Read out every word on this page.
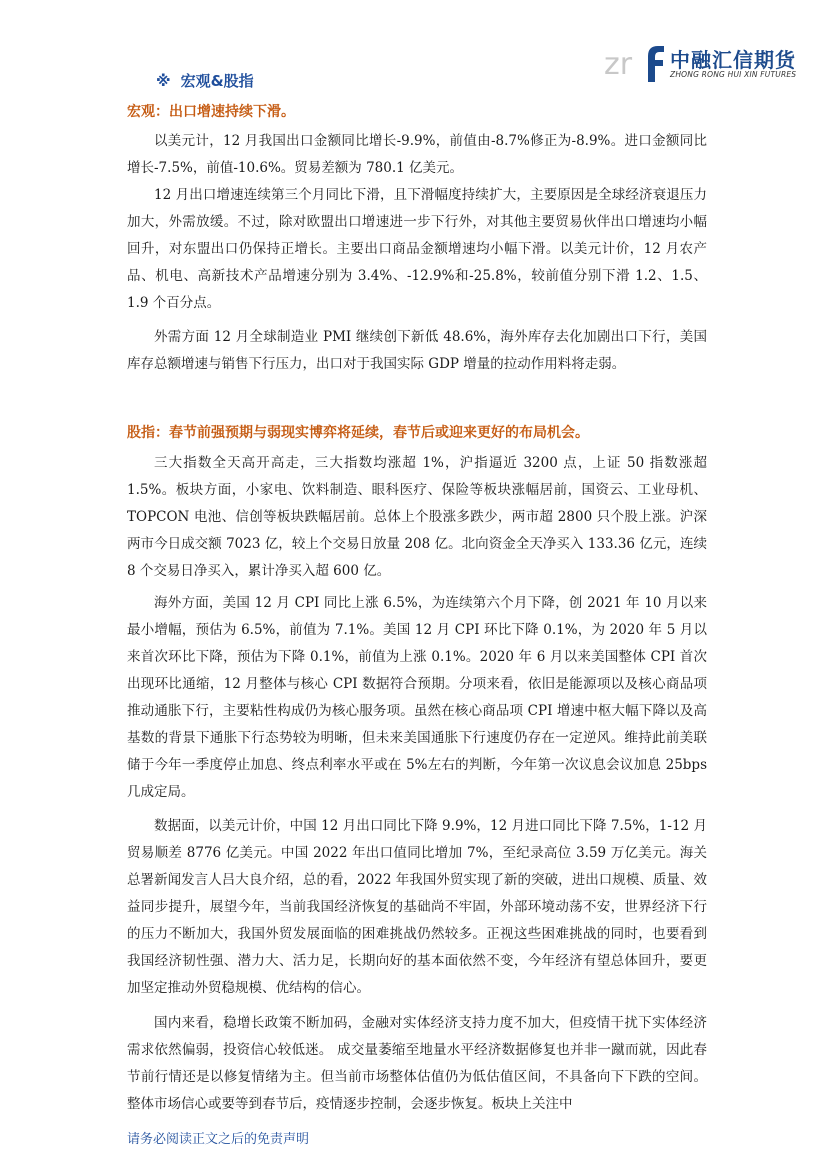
zr 中融汇信期货
ZHONG RONG HUI XIN FUTURES
※ 宏观&股指
宏观：出口增速持续下滑。

以美元计，12 月我国出口金额同比增长-9.9%，前值由-8.7%修正为-8.9%。进口金额同比增长-7.5%，前值-10.6%。贸易差额为 780.1 亿美元。

12 月出口增速连续第三个月同比下滑，且下滑幅度持续扩大，主要原因是全球经济衰退压力加大，外需放缓。不过，除对欧盟出口增速进一步下行外，对其他主要贸易伙伴出口增速均小幅回升，对东盟出口仍保持正增长。主要出口商品金额增速均小幅下滑。以美元计价，12 月农产品、机电、高新技术产品增速分别为 3.4%、-12.9%和-25.8%，较前值分别下滑 1.2、1.5、1.9 个百分点。

外需方面 12 月全球制造业 PMI 继续创下新低 48.6%，海外库存去化加剧出口下行，美国库存总额增速与销售下行压力，出口对于我国实际 GDP 增量的拉动作用料将走弱。

股指：春节前强预期与弱现实博弈将延续，春节后或迎来更好的布局机会。

三大指数全天高开高走，三大指数均涨超 1%，沪指逼近 3200 点，上证 50 指数涨超 1.5%。板块方面，小家电、饮料制造、眼科医疗、保险等板块涨幅居前，国资云、工业母机、TOPCON 电池、信创等板块跌幅居前。总体上个股涨多跌少，两市超 2800 只个股上涨。沪深两市今日成交额 7023 亿，较上个交易日放量 208 亿。北向资金全天净买入 133.36 亿元，连续 8 个交易日净买入，累计净买入超 600 亿。

海外方面，美国 12 月 CPI 同比上涨 6.5%，为连续第六个月下降，创 2021 年 10 月以来最小增幅，预估为 6.5%，前值为 7.1%。美国 12 月 CPI 环比下降 0.1%，为 2020 年 5 月以来首次环比下降，预估为下降 0.1%，前值为上涨 0.1%。2020 年 6 月以来美国整体 CPI 首次出现环比通缩，12 月整体与核心 CPI 数据符合预期。分项来看，依旧是能源项以及核心商品项推动通胀下行，主要粘性构成仍为核心服务项。虽然在核心商品项 CPI 增速中枢大幅下降以及高基数的背景下通胀下行态势较为明晰，但未来美国通胀下行速度仍存在一定逆风。维持此前美联储于今年一季度停止加息、终点利率水平或在 5%左右的判断，今年第一次议息会议加息 25bps 几成定局。

数据面，以美元计价，中国 12 月出口同比下降 9.9%，12 月进口同比下降 7.5%，1-12 月贸易顺差 8776 亿美元。中国 2022 年出口值同比增加 7%，至纪录高位 3.59 万亿美元。海关总署新闻发言人吕大良介绍，总的看，2022 年我国外贸实现了新的突破，进出口规模、质量、效益同步提升，展望今年，当前我国经济恢复的基础尚不牢固，外部环境动荡不安，世界经济下行的压力不断加大，我国外贸发展面临的困难挑战仍然较多。正视这些困难挑战的同时，也要看到我国经济韧性强、潜力大、活力足，长期向好的基本面依然不变，今年经济有望总体回升，要更加坚定推动外贸稳规模、优结构的信心。

国内来看，稳增长政策不断加码，金融对实体经济支持力度不加大，但疫情干扰下实体经济需求依然偏弱，投资信心较低迷。 成交量萎缩至地量水平经济数据修复也并非一蹴而就，因此春节前行情还是以修复情绪为主。但当前市场整体估值仍为低估值区间，不具备向下下跌的空间。整体市场信心或要等到春节后，疫情逐步控制，会逐步恢复。板块上关注中

请务必阅读正文之后的免责声明
